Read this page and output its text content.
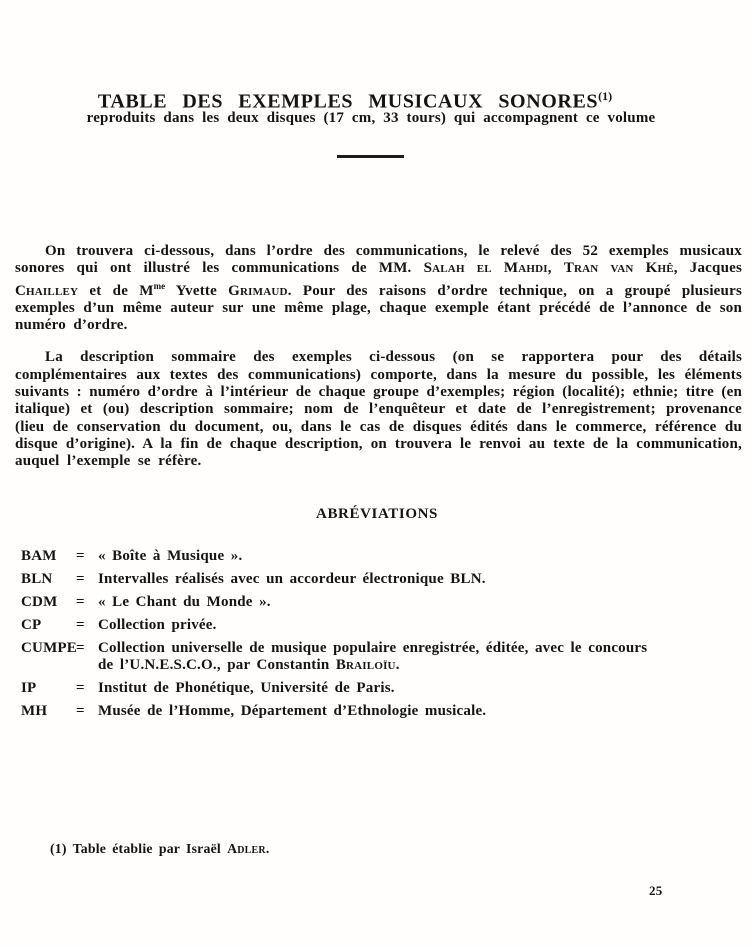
TABLE DES EXEMPLES MUSICAUX SONORES$^{(1)}$
reproduits dans les deux disques (17 cm, 33 tours) qui accompagnent ce volume

On trouvera ci-dessous, dans l’ordre des communications, le relevé des 52 exemples musicaux sonores qui ont illustré les communications de MM. Salah el Mahdi, Tran van Khê, Jacques Chailley et de $M^{me}$ Yvette Grimaud. Pour des raisons d’ordre technique, on a groupé plusieurs exemples d’un même auteur sur une même plage, chaque exemple étant précédé de l’annonce de son numéro d’ordre.

La description sommaire des exemples ci-dessous (on se rapportera pour des détails complémentaires aux textes des communications) comporte, dans la mesure du possible, les éléments suivants : numéro d’ordre à l’intérieur de chaque groupe d’exemples; région (localité); ethnie; titre (en italique) et (ou) description sommaire; nom de l’enquêteur et date de l’enregistrement; provenance (lieu de conservation du document, ou, dans le cas de disques édités dans le commerce, référence du disque d’origine). A la fin de chaque description, on trouvera le renvoi au texte de la communication, auquel l’exemple se réfère.

ABRÉVIATIONS
BAM	= « Boîte à Musique ».
BLN	= Intervalles réalisés avec un accordeur électronique BLN.
CDM	= « Le Chant du Monde ».
CP	= Collection privée.
CUMPE = Collection universelle de musique populaire enregistrée, éditée, avec le concours
de l’U.N.E.S.C.O., par Constantin Brailoïu.
IP	= Institut de Phonétique, Université de Paris.
MH	= Musée de l’Homme, Département d’Ethnologie musicale.
(1) Table établie par Israël Adler.
25
